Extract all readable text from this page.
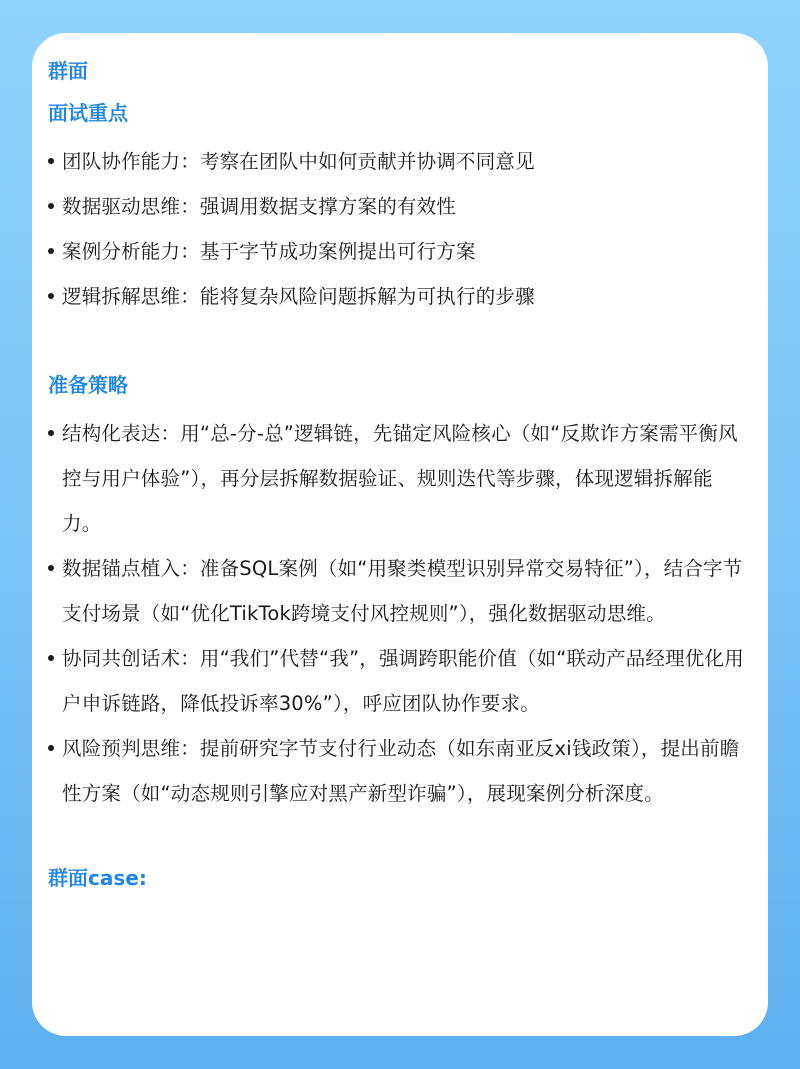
群面
面试重点
团队协作能力：考察在团队中如何贡献并协调不同意见
数据驱动思维：强调用数据支撑方案的有效性
案例分析能力：基于字节成功案例提出可行方案
逻辑拆解思维：能将复杂风险问题拆解为可执行的步骤
准备策略
结构化表达：用“总-分-总”逻辑链，先锚定风险核心（如“反欺诈方案需平衡风控与用户体验”），再分层拆解数据验证、规则迭代等步骤，体现逻辑拆解能力。
数据锚点植入：准备SQL案例（如“用聚类模型识别异常交易特征”），结合字节支付场景（如“优化TikTok跨境支付风控规则”），强化数据驱动思维。
协同共创话术：用“我们”代替“我”，强调跨职能价值（如“联动产品经理优化用户申诉链路，降低投诉率30%”），呼应团队协作要求。
风险预判思维：提前研究字节支付行业动态（如东南亚反xi钱政策），提出前瞻性方案（如“动态规则引擎应对黑产新型诈骗”），展现案例分析深度。
群面case:
